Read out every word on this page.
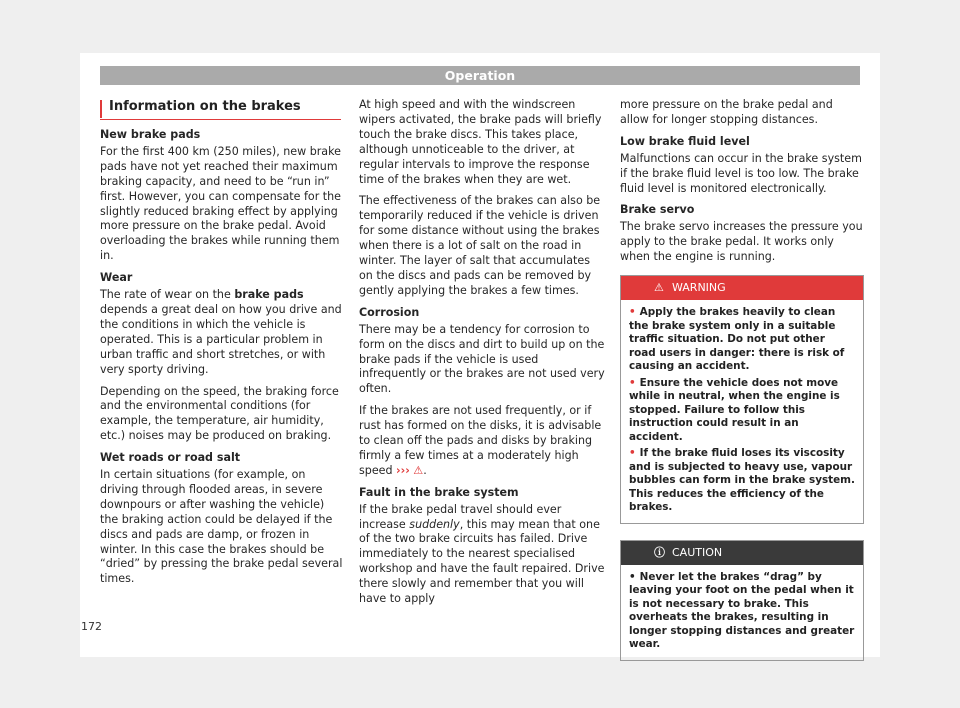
Operation
Information on the brakes

New brake pads

For the first 400 km (250 miles), new brake pads have not yet reached their maximum braking capacity, and need to be “run in” first. However, you can compensate for the slightly reduced braking effect by applying more pressure on the brake pedal. Avoid overloading the brakes while running them in.

Wear

The rate of wear on the brake pads depends a great deal on how you drive and the conditions in which the vehicle is operated. This is a particular problem in urban traffic and short stretches, or with very sporty driving.

Depending on the speed, the braking force and the environmental conditions (for example, the temperature, air humidity, etc.) noises may be produced on braking.

Wet roads or road salt

In certain situations (for example, on driving through flooded areas, in severe downpours or after washing the vehicle) the braking action could be delayed if the discs and pads are damp, or frozen in winter. In this case the brakes should be “dried” by pressing the brake pedal several times.

At high speed and with the windscreen wipers activated, the brake pads will briefly touch the brake discs. This takes place, although unnoticeable to the driver, at regular intervals to improve the response time of the brakes when they are wet.

The effectiveness of the brakes can also be temporarily reduced if the vehicle is driven for some distance without using the brakes when there is a lot of salt on the road in winter. The layer of salt that accumulates on the discs and pads can be removed by gently applying the brakes a few times.

Corrosion

There may be a tendency for corrosion to form on the discs and dirt to build up on the brake pads if the vehicle is used infrequently or the brakes are not used very often.

If the brakes are not used frequently, or if rust has formed on the disks, it is advisable to clean off the pads and disks by braking firmly a few times at a moderately high speed ››› ⚠.

Fault in the brake system

If the brake pedal travel should ever increase suddenly, this may mean that one of the two brake circuits has failed. Drive immediately to the nearest specialised workshop and have the fault repaired. Drive there slowly and remember that you will have to apply

more pressure on the brake pedal and allow for longer stopping distances.

Low brake fluid level

Malfunctions can occur in the brake system if the brake fluid level is too low. The brake fluid level is monitored electronically.

Brake servo

The brake servo increases the pressure you apply to the brake pedal. It works only when the engine is running.

⚠ WARNING
• Apply the brakes heavily to clean the brake system only in a suitable traffic situation. Do not put other road users in danger: there is risk of causing an accident.
• Ensure the vehicle does not move while in neutral, when the engine is stopped. Failure to follow this instruction could result in an accident.
• If the brake fluid loses its viscosity and is subjected to heavy use, vapour bubbles can form in the brake system. This reduces the efficiency of the brakes.
ⓘ CAUTION
• Never let the brakes “drag” by leaving your foot on the pedal when it is not necessary to brake. This overheats the brakes, resulting in longer stopping distances and greater wear.
172
